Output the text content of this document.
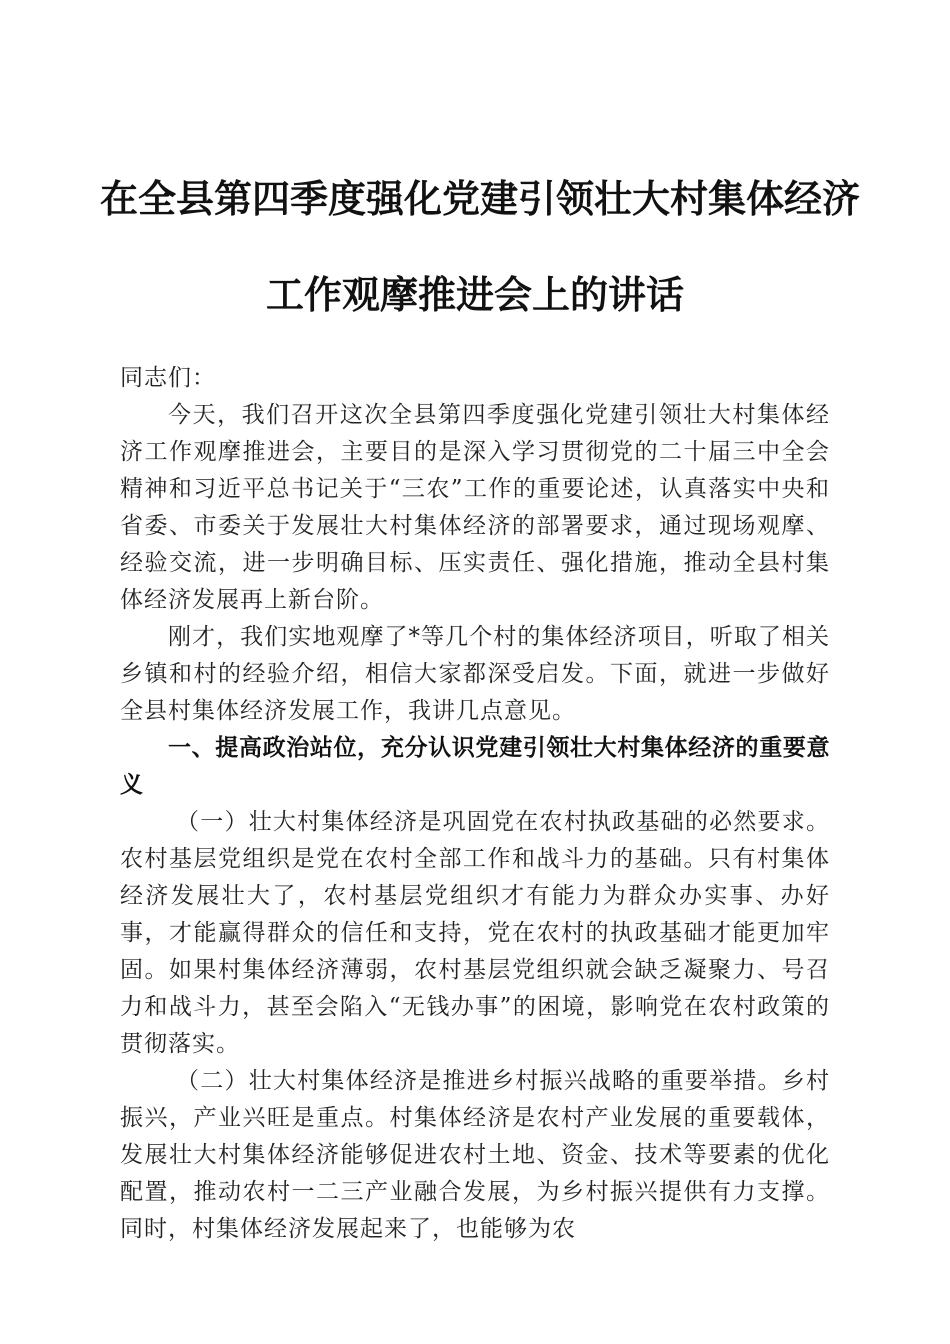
在全县第四季度强化党建引领壮大村集体经济
工作观摩推进会上的讲话

同志们：

今天，我们召开这次全县第四季度强化党建引领壮大村集体经济工作观摩推进会，主要目的是深入学习贯彻党的二十届三中全会精神和习近平总书记关于“三农”工作的重要论述，认真落实中央和省委、市委关于发展壮大村集体经济的部署要求，通过现场观摩、经验交流，进一步明确目标、压实责任、强化措施，推动全县村集体经济发展再上新台阶。

刚才，我们实地观摩了*等几个村的集体经济项目，听取了相关乡镇和村的经验介绍，相信大家都深受启发。下面，就进一步做好全县村集体经济发展工作，我讲几点意见。

一、提高政治站位，充分认识党建引领壮大村集体经济的重要意义

（一）壮大村集体经济是巩固党在农村执政基础的必然要求。农村基层党组织是党在农村全部工作和战斗力的基础。只有村集体经济发展壮大了，农村基层党组织才有能力为群众办实事、办好事，才能赢得群众的信任和支持，党在农村的执政基础才能更加牢固。如果村集体经济薄弱，农村基层党组织就会缺乏凝聚力、号召力和战斗力，甚至会陷入“无钱办事”的困境，影响党在农村政策的贯彻落实。

（二）壮大村集体经济是推进乡村振兴战略的重要举措。乡村振兴，产业兴旺是重点。村集体经济是农村产业发展的重要载体，发展壮大村集体经济能够促进农村土地、资金、技术等要素的优化配置，推动农村一二三产业融合发展，为乡村振兴提供有力支撑。同时，村集体经济发展起来了，也能够为农
